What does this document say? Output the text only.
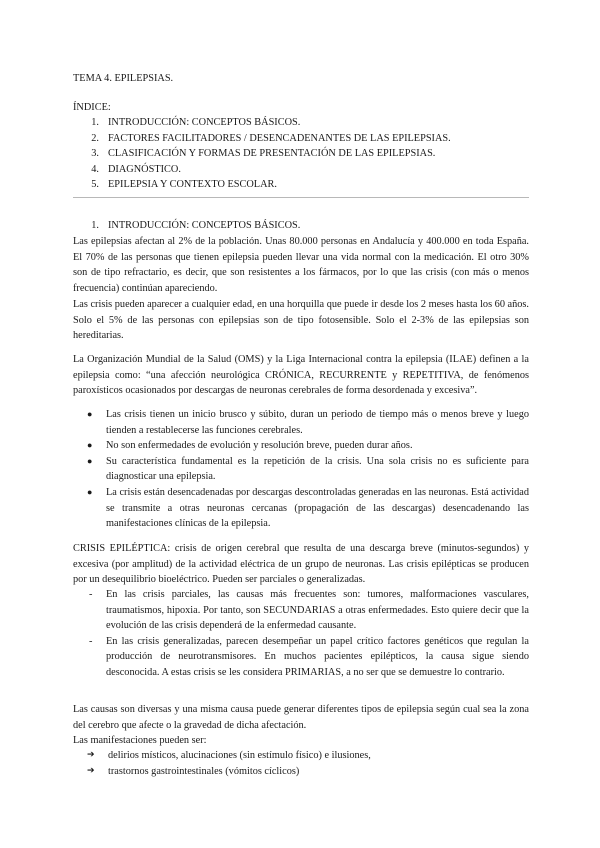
TEMA 4. EPILEPSIAS.

ÍNDICE:

1. INTRODUCCIÓN: CONCEPTOS BÁSICOS.
2. FACTORES FACILITADORES / DESENCADENANTES DE LAS EPILEPSIAS.
3. CLASIFICACIÓN Y FORMAS DE PRESENTACIÓN DE LAS EPILEPSIAS.
4. DIAGNÓSTICO.
5. EPILEPSIA Y CONTEXTO ESCOLAR.
1. INTRODUCCIÓN: CONCEPTOS BÁSICOS.

Las epilepsias afectan al 2% de la población. Unas 80.000 personas en Andalucía y 400.000 en toda España. El 70% de las personas que tienen epilepsia pueden llevar una vida normal con la medicación. El otro 30% son de tipo refractario, es decir, que son resistentes a los fármacos, por lo que las crisis (con más o menos frecuencia) continúan apareciendo.

Las crisis pueden aparecer a cualquier edad, en una horquilla que puede ir desde los 2 meses hasta los 60 años. Solo el 5% de las personas con epilepsias son de tipo fotosensible. Solo el 2-3% de las epilepsias son hereditarias.

La Organización Mundial de la Salud (OMS) y la Liga Internacional contra la epilepsia (ILAE) definen a la epilepsia como: “una afección neurológica CRÓNICA, RECURRENTE y REPETITIVA, de fenómenos paroxísticos ocasionados por descargas de neuronas cerebrales de forma desordenada y excesiva”.

● Las crisis tienen un inicio brusco y súbito, duran un periodo de tiempo más o menos breve y luego tienden a restablecerse las funciones cerebrales.
● No son enfermedades de evolución y resolución breve, pueden durar años.
● Su característica fundamental es la repetición de la crisis. Una sola crisis no es suficiente para diagnosticar una epilepsia.
● La crisis están desencadenadas por descargas descontroladas generadas en las neuronas. Está actividad se transmite a otras neuronas cercanas (propagación de las descargas) desencadenando las manifestaciones clínicas de la epilepsia.

CRISIS EPILÉPTICA: crisis de origen cerebral que resulta de una descarga breve (minutos-segundos) y excesiva (por amplitud) de la actividad eléctrica de un grupo de neuronas. Las crisis epilépticas se producen por un desequilibrio bioeléctrico. Pueden ser parciales o generalizadas.

- En las crisis parciales, las causas más frecuentes son: tumores, malformaciones vasculares, traumatismos, hipoxia. Por tanto, son SECUNDARIAS a otras enfermedades. Esto quiere decir que la evolución de las crisis dependerá de la enfermedad causante.
- En las crisis generalizadas, parecen desempeñar un papel crítico factores genéticos que regulan la producción de neurotransmisores. En muchos pacientes epilépticos, la causa sigue siendo desconocida. A estas crisis se les considera PRIMARIAS, a no ser que se demuestre lo contrario.

Las causas son diversas y una misma causa puede generar diferentes tipos de epilepsia según cual sea la zona del cerebro que afecte o la gravedad de dicha afectación.

Las manifestaciones pueden ser:

➔ delirios místicos, alucinaciones (sin estímulo físico) e ilusiones,
➔ trastornos gastrointestinales (vómitos cíclicos)
